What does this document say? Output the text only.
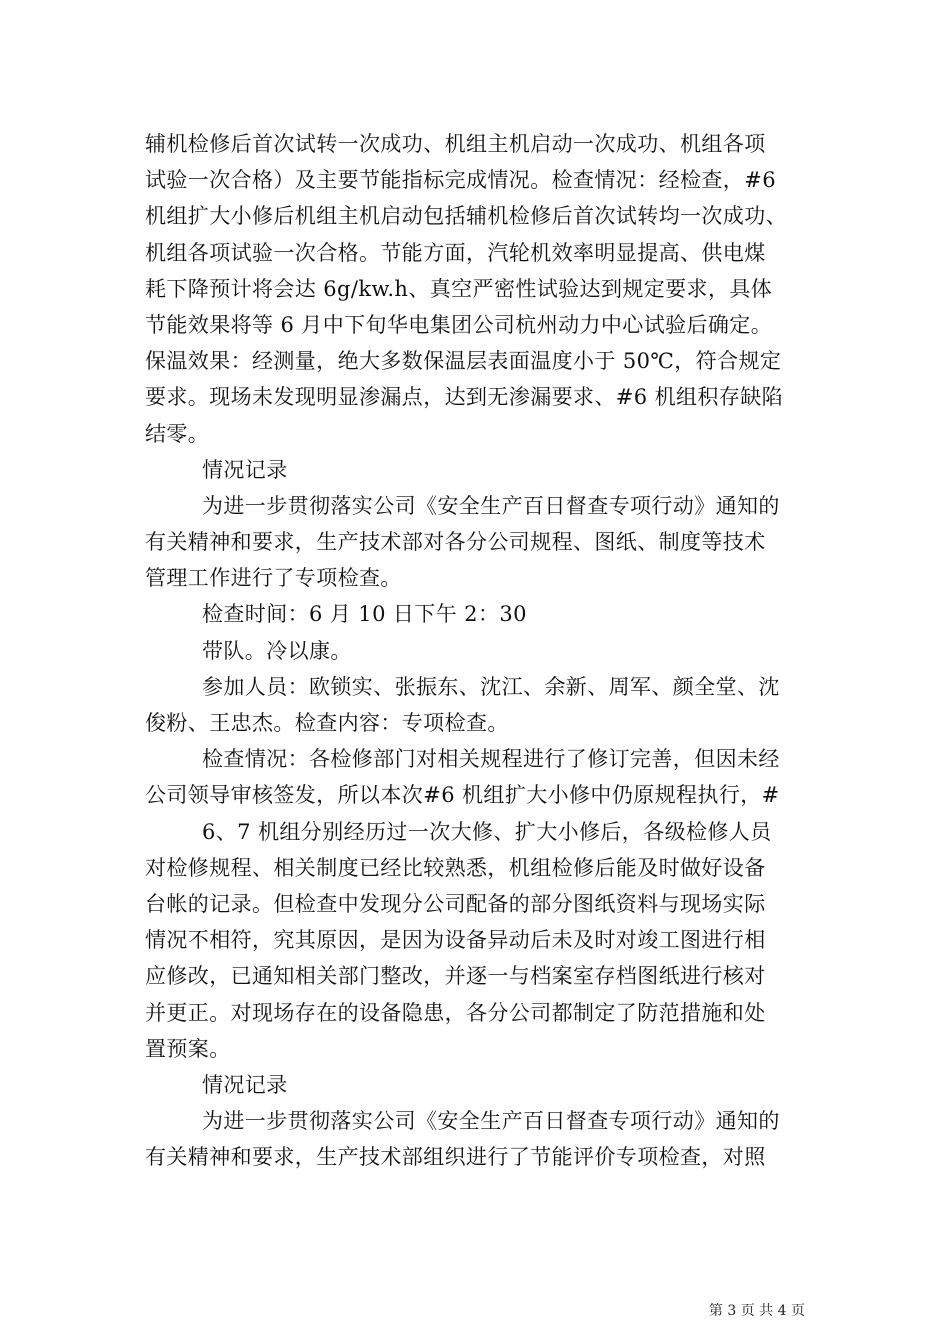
辅机检修后首次试转一次成功、机组主机启动一次成功、机组各项
试验一次合格）及主要节能指标完成情况。检查情况：经检查，#6
机组扩大小修后机组主机启动包括辅机检修后首次试转均一次成功、
机组各项试验一次合格。节能方面，汽轮机效率明显提高、供电煤
耗下降预计将会达 6g/kw.h、真空严密性试验达到规定要求，具体
节能效果将等 6 月中下旬华电集团公司杭州动力中心试验后确定。
保温效果：经测量，绝大多数保温层表面温度小于 50℃，符合规定
要求。现场未发现明显渗漏点，达到无渗漏要求、#6 机组积存缺陷
结零。
情况记录
为进一步贯彻落实公司《安全生产百日督查专项行动》通知的
有关精神和要求，生产技术部对各分公司规程、图纸、制度等技术
管理工作进行了专项检查。
检查时间：6 月 10 日下午 2：30
带队。冷以康。
参加人员：欧锁实、张振东、沈江、余新、周军、颜全堂、沈
俊粉、王忠杰。检查内容：专项检查。
检查情况：各检修部门对相关规程进行了修订完善，但因未经
公司领导审核签发，所以本次#6 机组扩大小修中仍原规程执行，#
6、7 机组分别经历过一次大修、扩大小修后，各级检修人员
对检修规程、相关制度已经比较熟悉，机组检修后能及时做好设备
台帐的记录。但检查中发现分公司配备的部分图纸资料与现场实际
情况不相符，究其原因，是因为设备异动后未及时对竣工图进行相
应修改，已通知相关部门整改，并逐一与档案室存档图纸进行核对
并更正。对现场存在的设备隐患，各分公司都制定了防范措施和处
置预案。
情况记录
为进一步贯彻落实公司《安全生产百日督查专项行动》通知的
有关精神和要求，生产技术部组织进行了节能评价专项检查，对照
第 3 页 共 4 页
